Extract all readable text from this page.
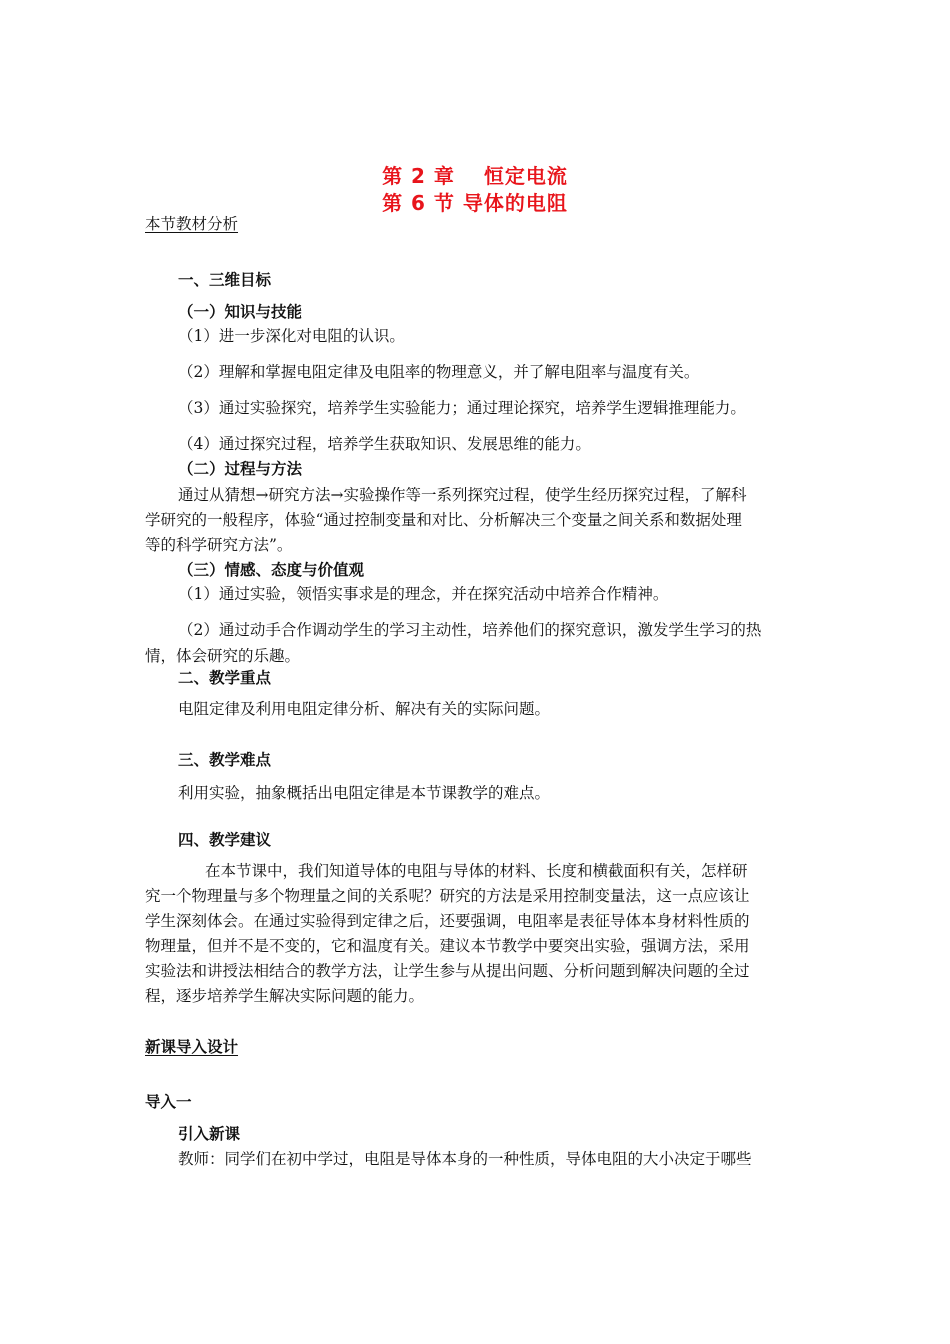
第 2 章　 恒定电流
第 6 节 导体的电阻
本节教材分析
一、三维目标
（一）知识与技能
（1）进一步深化对电阻的认识。
（2）理解和掌握电阻定律及电阻率的物理意义，并了解电阻率与温度有关。
（3）通过实验探究，培养学生实验能力；通过理论探究，培养学生逻辑推理能力。
（4）通过探究过程，培养学生获取知识、发展思维的能力。
（二）过程与方法
通过从猜想→研究方法→实验操作等一系列探究过程，使学生经历探究过程，了解科
学研究的一般程序，体验“通过控制变量和对比、分析解决三个变量之间关系和数据处理
等的科学研究方法”。
（三）情感、态度与价值观
（1）通过实验，领悟实事求是的理念，并在探究活动中培养合作精神。
（2）通过动手合作调动学生的学习主动性，培养他们的探究意识，激发学生学习的热
情，体会研究的乐趣。
二、教学重点
电阻定律及利用电阻定律分析、解决有关的实际问题。
三、教学难点
利用实验，抽象概括出电阻定律是本节课教学的难点。
四、教学建议
在本节课中，我们知道导体的电阻与导体的材料、长度和横截面积有关，怎样研
究一个物理量与多个物理量之间的关系呢？研究的方法是采用控制变量法，这一点应该让
学生深刻体会。在通过实验得到定律之后，还要强调，电阻率是表征导体本身材料性质的
物理量，但并不是不变的，它和温度有关。建议本节教学中要突出实验，强调方法，采用
实验法和讲授法相结合的教学方法，让学生参与从提出问题、分析问题到解决问题的全过
程，逐步培养学生解决实际问题的能力。
新课导入设计
导入一
引入新课
教师：同学们在初中学过，电阻是导体本身的一种性质，导体电阻的大小决定于哪些
